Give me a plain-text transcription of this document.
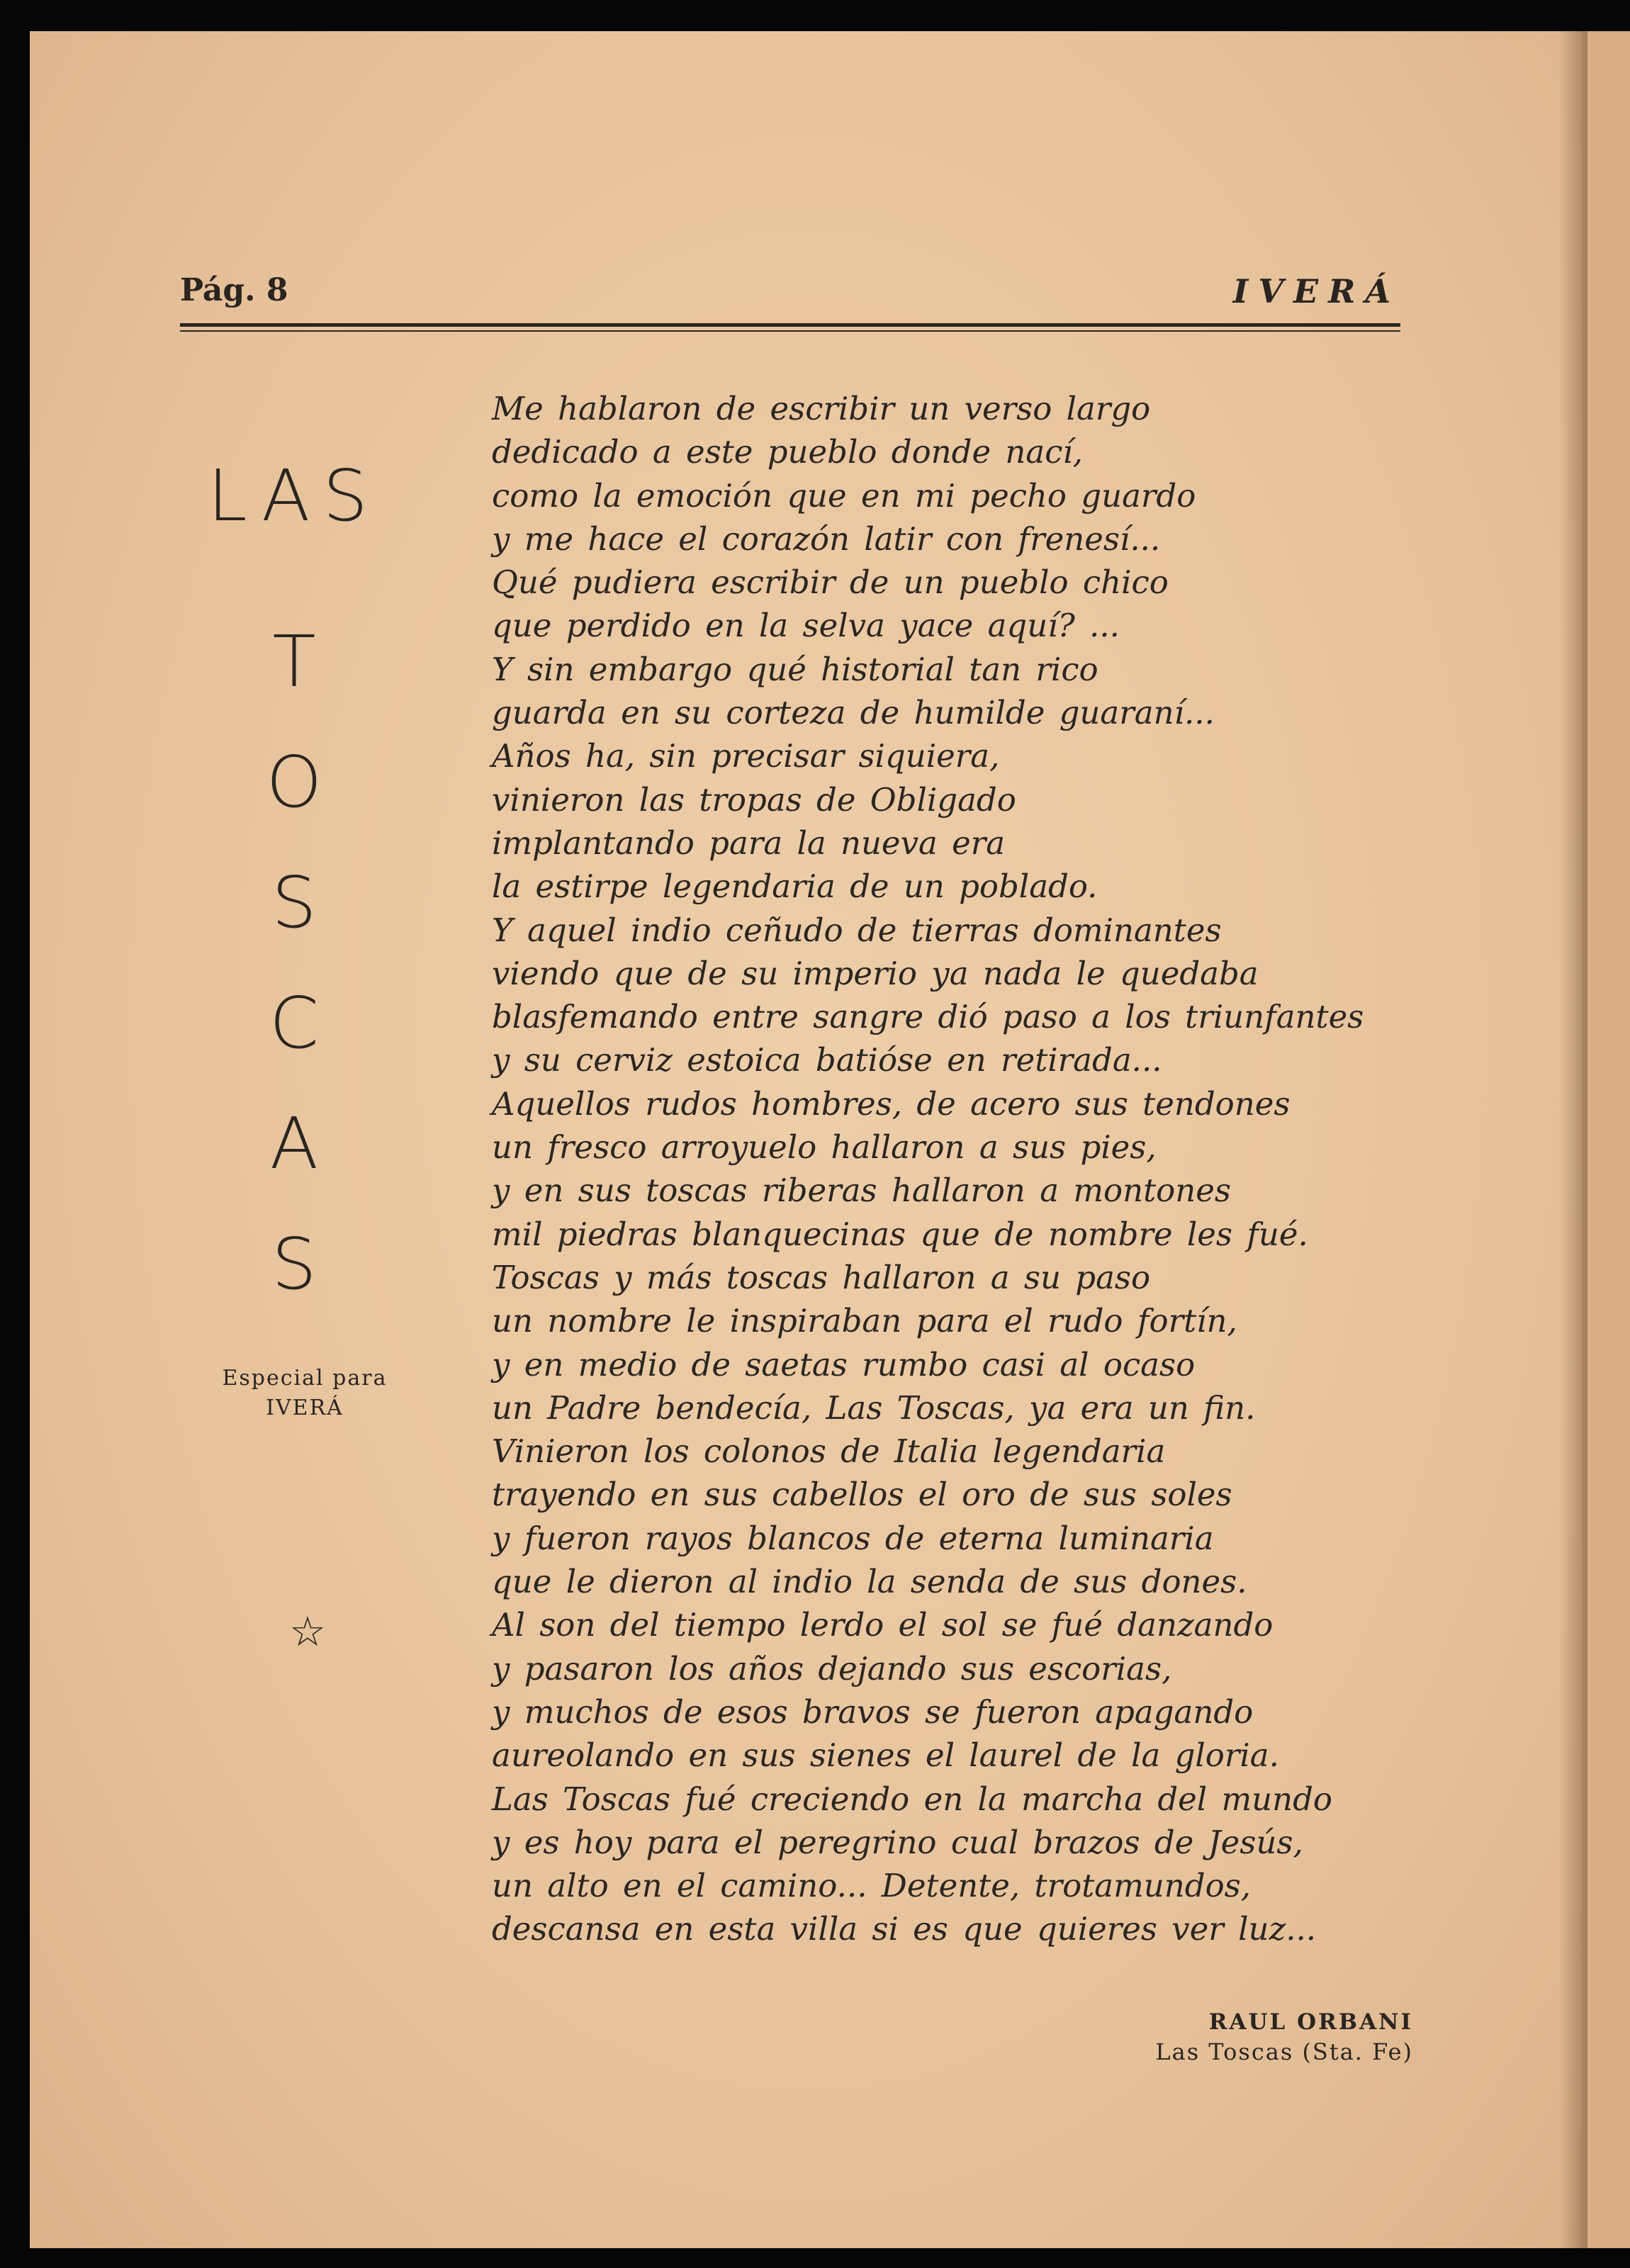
Pág. 8	IVERÁ
LAS
T
O
S
C
A
S
Especial para
IVERÁ
☆
Me hablaron de escribir un verso largo
dedicado a este pueblo donde nací,
como la emoción que en mi pecho guardo
y me hace el corazón latir con frenesí...
Qué pudiera escribir de un pueblo chico
que perdido en la selva yace aquí? ...
Y sin embargo qué historial tan rico
guarda en su corteza de humilde guaraní...
Años ha, sin precisar siquiera,
vinieron las tropas de Obligado
implantando para la nueva era
la estirpe legendaria de un poblado.
Y aquel indio ceñudo de tierras dominantes
viendo que de su imperio ya nada le quedaba
blasfemando entre sangre dió paso a los triunfantes
y su cerviz estoica batióse en retirada...
Aquellos rudos hombres, de acero sus tendones
un fresco arroyuelo hallaron a sus pies,
y en sus toscas riberas hallaron a montones
mil piedras blanquecinas que de nombre les fué.
Toscas y más toscas hallaron a su paso
un nombre le inspiraban para el rudo fortín,
y en medio de saetas rumbo casi al ocaso
un Padre bendecía, Las Toscas, ya era un fin.
Vinieron los colonos de Italia legendaria
trayendo en sus cabellos el oro de sus soles
y fueron rayos blancos de eterna luminaria
que le dieron al indio la senda de sus dones.
Al son del tiempo lerdo el sol se fué danzando
y pasaron los años dejando sus escorias,
y muchos de esos bravos se fueron apagando
aureolando en sus sienes el laurel de la gloria.
Las Toscas fué creciendo en la marcha del mundo
y es hoy para el peregrino cual brazos de Jesús,
un alto en el camino... Detente, trotamundos,
descansa en esta villa si es que quieres ver luz...
RAUL ORBANI
Las Toscas (Sta. Fe)
